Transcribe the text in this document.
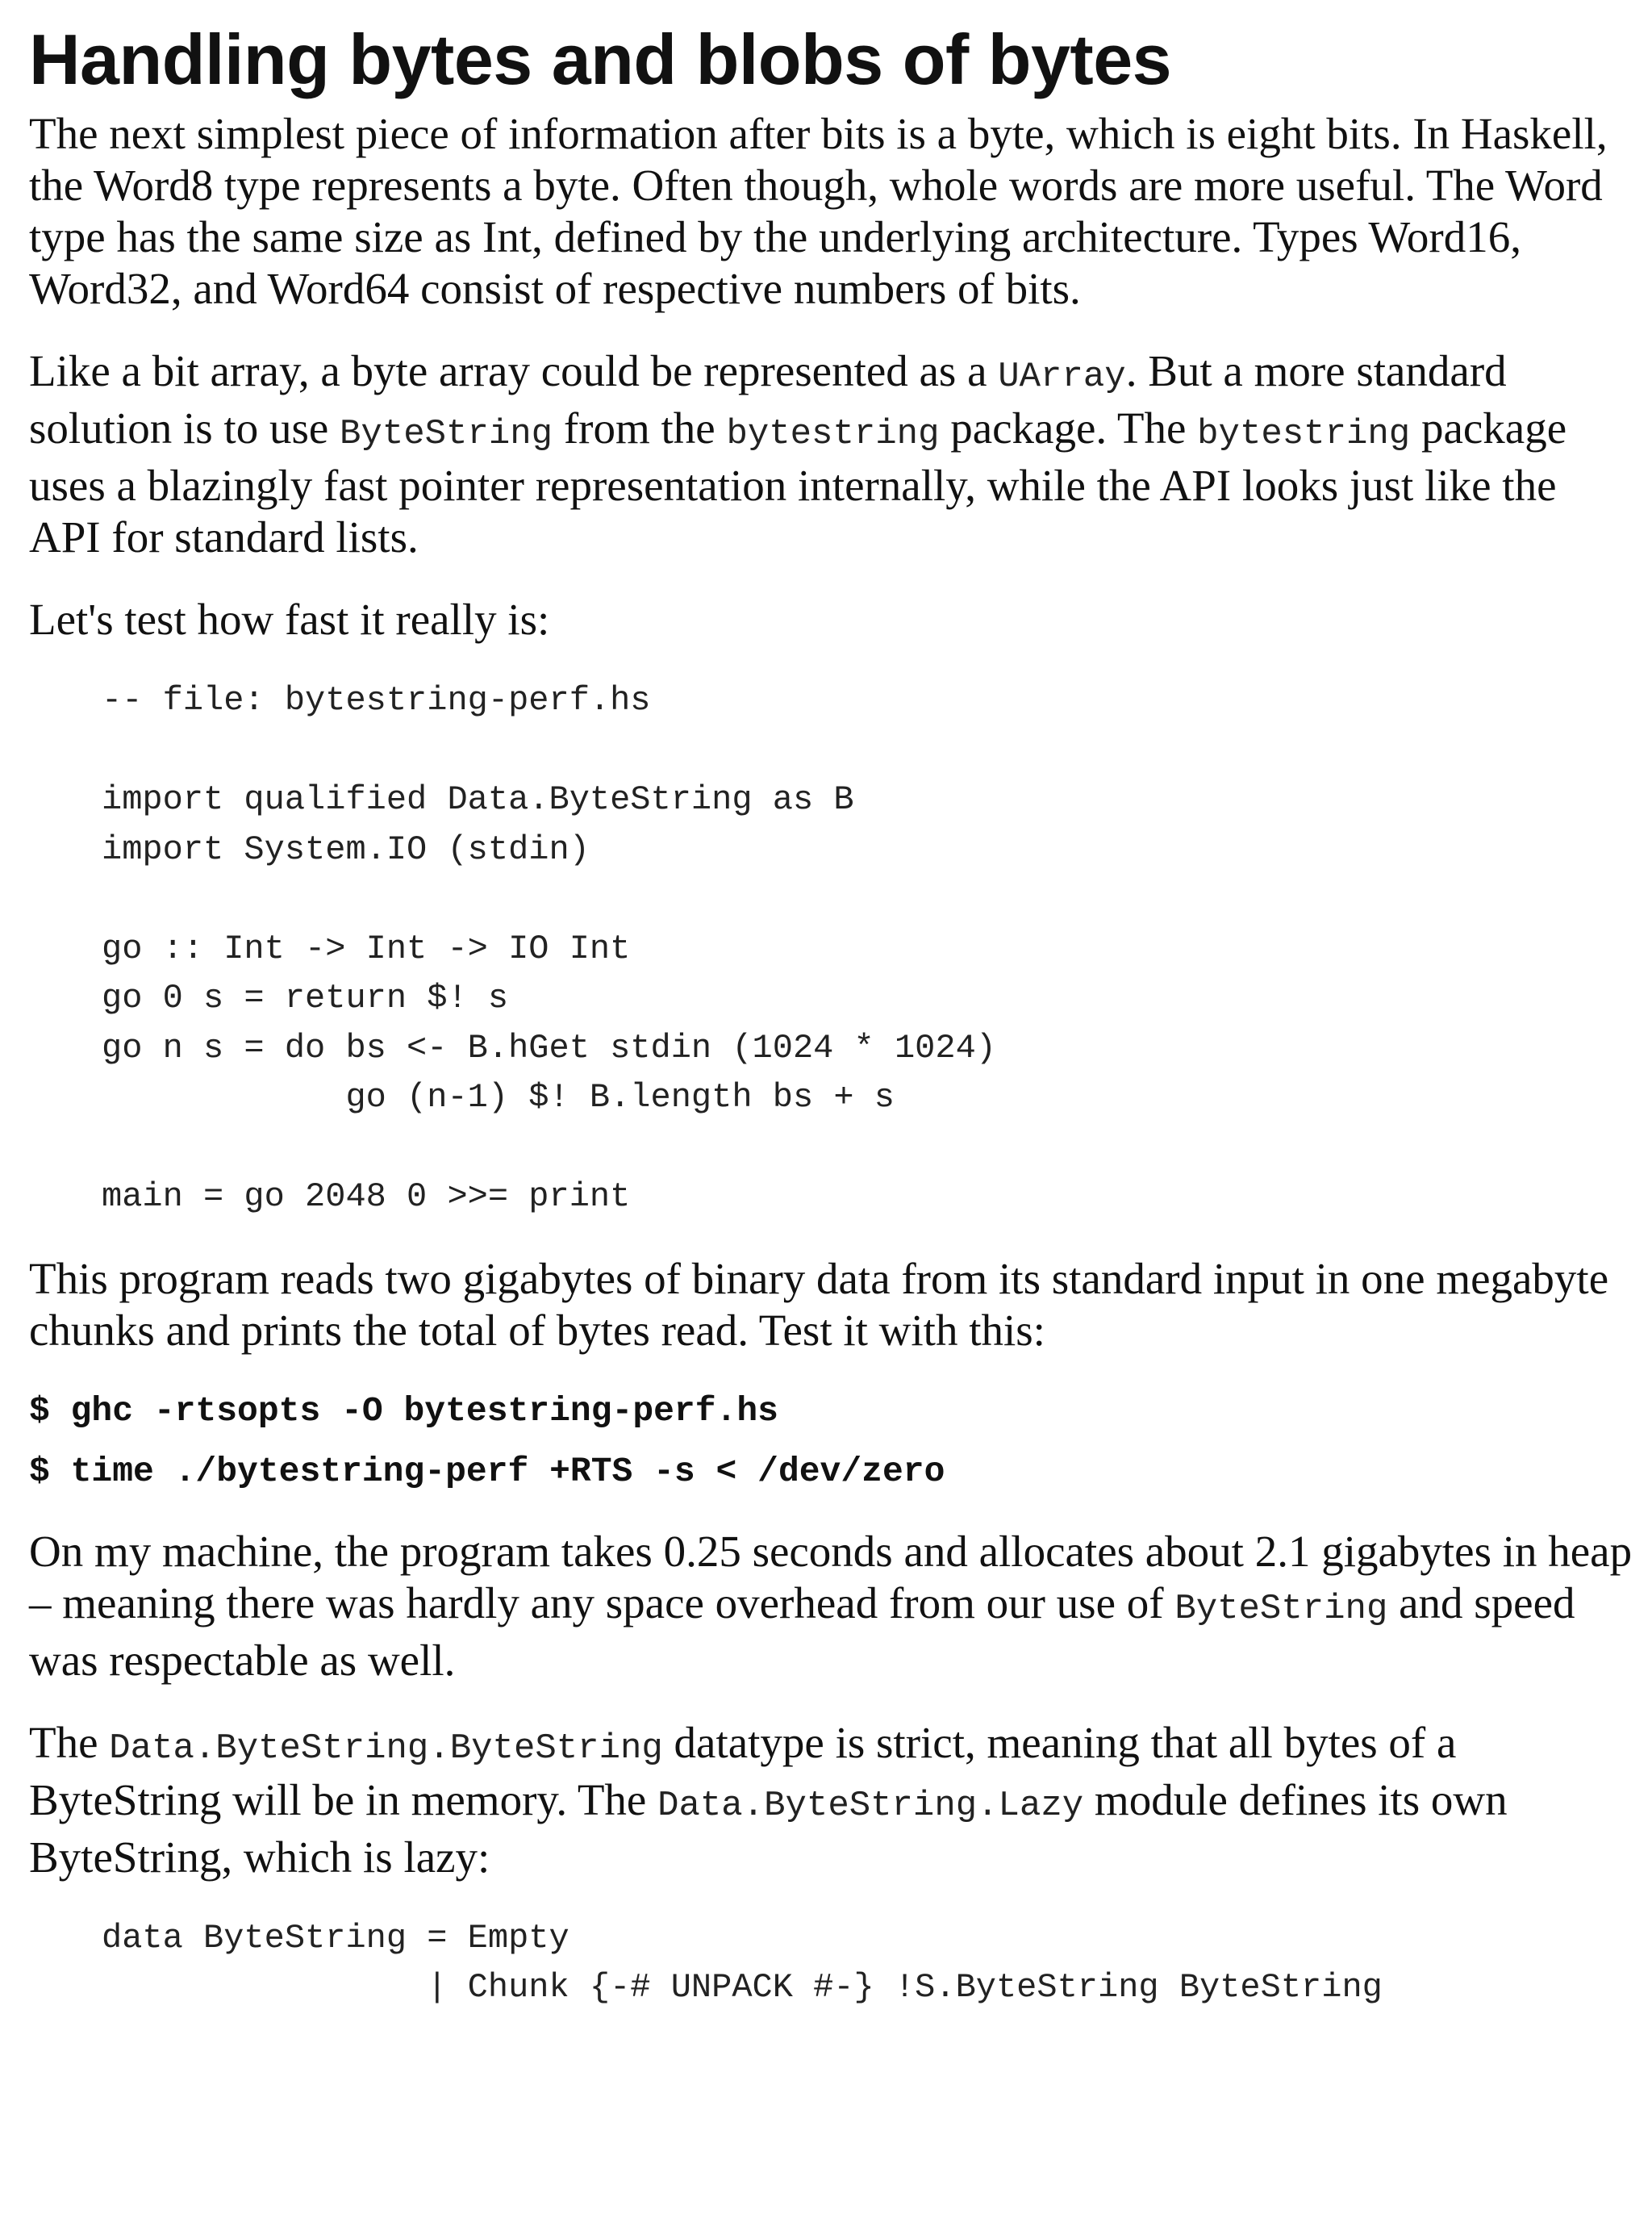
Handling bytes and blobs of bytes

The next simplest piece of information after bits is a byte, which is eight bits. In Haskell, the Word8 type represents a byte. Often though, whole words are more useful. The Word type has the same size as Int, defined by the underlying architecture. Types Word16, Word32, and Word64 consist of respective numbers of bits.

Like a bit array, a byte array could be represented as a UArray. But a more standard solution is to use ByteString from the bytestring package. The bytestring package uses a blazingly fast pointer representation internally, while the API looks just like the API for standard lists.

Let's test how fast it really is:

-- file: bytestring-perf.hs

import qualified Data.ByteString as B
import System.IO (stdin)

go :: Int -> Int -> IO Int
go 0 s = return $! s
go n s = do bs <- B.hGet stdin (1024 * 1024)
go (n-1) $! B.length bs + s

main = go 2048 0 >>= print

This program reads two gigabytes of binary data from its standard input in one megabyte chunks and prints the total of bytes read. Test it with this:

$ ghc -rtsopts -O bytestring-perf.hs
$ time ./bytestring-perf +RTS -s < /dev/zero

On my machine, the program takes 0.25 seconds and allocates about 2.1 gigabytes in heap – meaning there was hardly any space overhead from our use of ByteString and speed was respectable as well.

The Data.ByteString.ByteString datatype is strict, meaning that all bytes of a ByteString will be in memory. The Data.ByteString.Lazy module defines its own ByteString, which is lazy:

data ByteString = Empty
| Chunk {-# UNPACK #-} !S.ByteString ByteString
